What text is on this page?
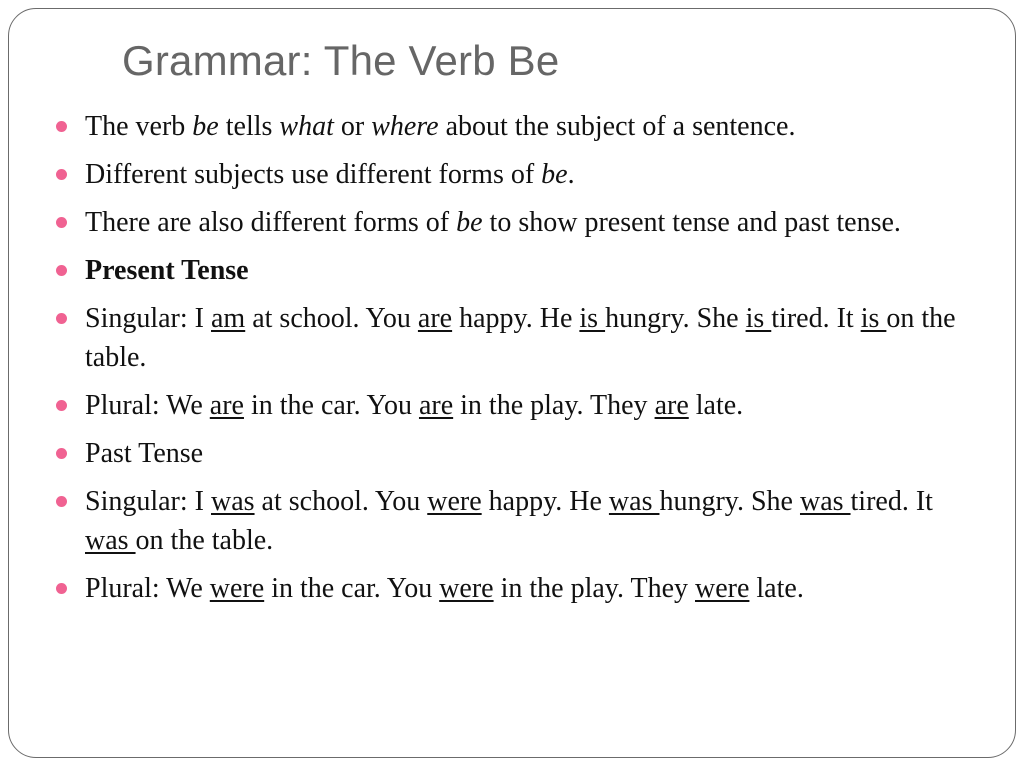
Grammar: The Verb Be
The verb be tells what or where about the subject of a sentence.
Different subjects use different forms of be.
There are also different forms of be to show present tense and past tense.
Present Tense
Singular: I am at school. You are happy. He is hungry. She is tired. It is on the table.
Plural: We are in the car. You are in the play. They are late.
Past Tense
Singular: I was at school. You were happy. He was hungry. She was tired. It was on the table.
Plural: We were in the car. You were in the play. They were late.
